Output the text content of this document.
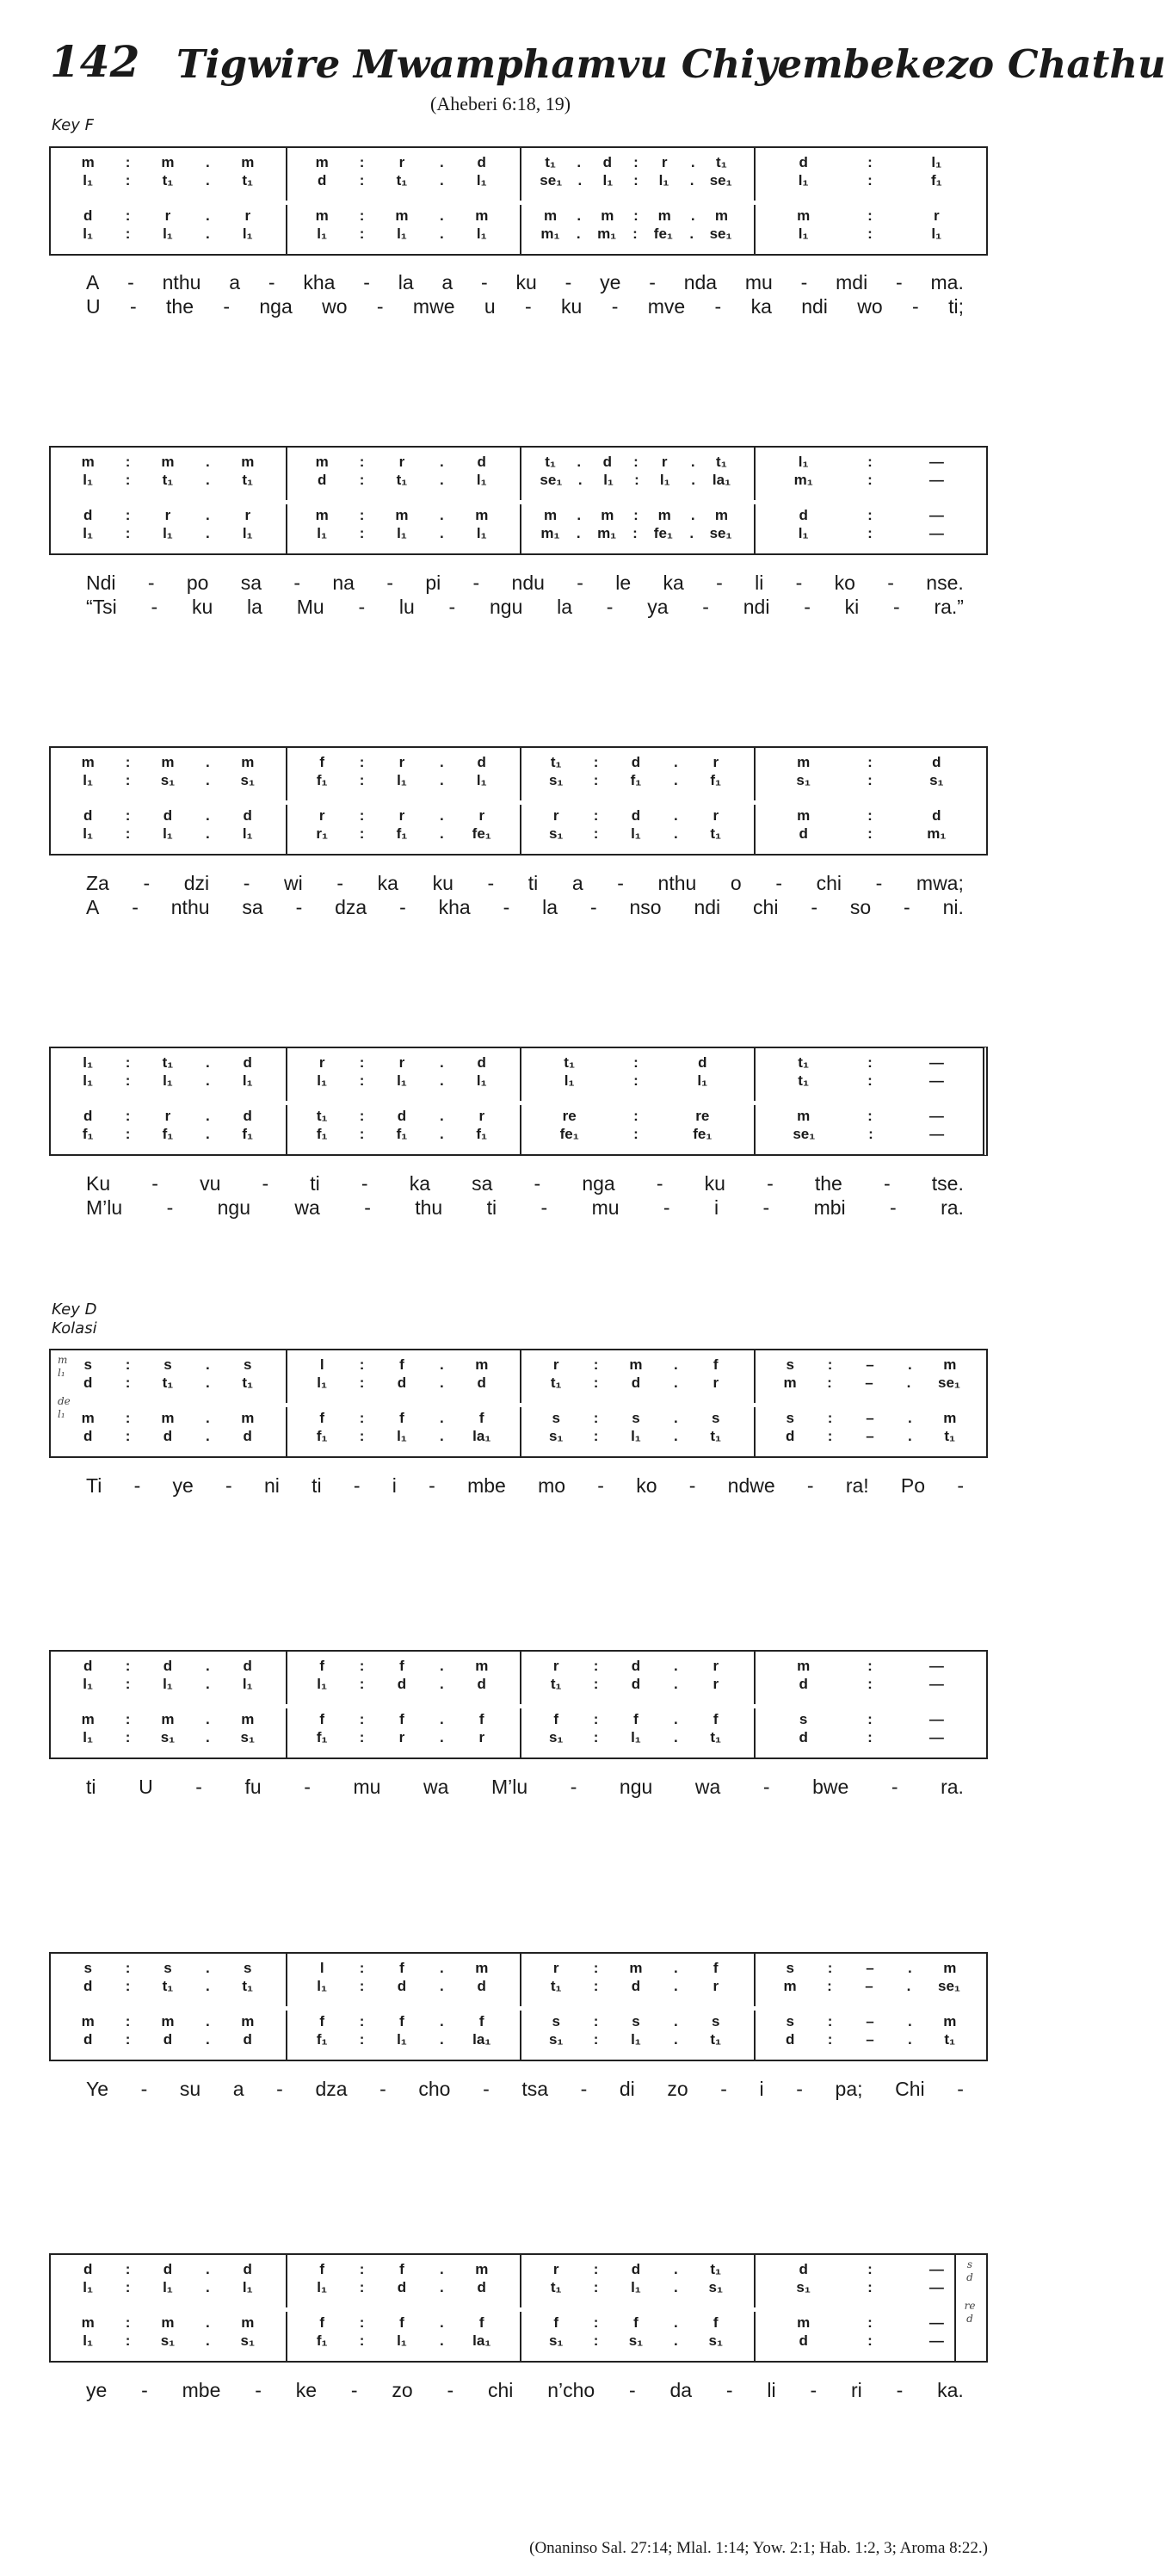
142 Tigwire Mwamphamvu Chiyembekezo Chathu
(Aheberi 6:18, 19)
Key F
Key D
Kolasi
m	:	m	.	m	m	:	r	.	d	t₁	.	d	:	r	.	t₁	d	:	l₁
l₁	:	t₁	.	t₁	d	:	t₁	.	l₁	se₁	.	l₁	:	l₁	.	se₁	l₁	:	f₁
d	:	r	.	r	m	:	m	.	m	m	.	m	:	m	.	m	m	:	r
l₁	:	l₁	.	l₁	l₁	:	l₁	.	l₁	m₁	.	m₁	:	fe₁	.	se₁	l₁	:	l₁
A - nthu a - kha - la a - ku - ye - nda mu - mdi - ma.
U - the - nga wo - mwe u - ku - mve - ka ndi wo - ti;
m	:	m	.	m	m	:	r	.	d	t₁	.	d	:	r	.	t₁	l₁	:	—
l₁	:	t₁	.	t₁	d	:	t₁	.	l₁	se₁	.	l₁	:	l₁	.	la₁	m₁	:	—
d	:	r	.	r	m	:	m	.	m	m	.	m	:	m	.	m	d	:	—
l₁	:	l₁	.	l₁	l₁	:	l₁	.	l₁	m₁	.	m₁	:	fe₁	.	se₁	l₁	:	—
Ndi - po sa - na - pi - ndu - le ka - li - ko - nse.
“Tsi - ku la Mu - lu - ngu la - ya - ndi - ki - ra.”
m	:	m	.	m	f	:	r	.	d	t₁	:	d	.	r	m	:	d
l₁	:	s₁	.	s₁	f₁	:	l₁	.	l₁	s₁	:	f₁	.	f₁	s₁	:	s₁
d	:	d	.	d	r	:	r	.	r	r	:	d	.	r	m	:	d
l₁	:	l₁	.	l₁	r₁	:	f₁	.	fe₁	s₁	:	l₁	.	t₁	d	:	m₁
Za - dzi - wi - ka ku - ti a - nthu o - chi - mwa;
A - nthu sa - dza - kha - la - nso ndi chi - so - ni.
l₁	:	t₁	.	d	r	:	r	.	d	t₁	:	d	t₁	:	—
l₁	:	l₁	.	l₁	l₁	:	l₁	.	l₁	l₁	:	l₁	t₁	:	—
d	:	r	.	d	t₁	:	d	.	r	re	:	re	m	:	—
f₁	:	f₁	.	f₁	f₁	:	f₁	.	f₁	fe₁	:	fe₁	se₁	:	—
Ku - vu - ti - ka sa - nga - ku - the - tse.
M’lu - ngu wa - thu ti - mu - i - mbi - ra.
s	:	s	.	s	l	:	f	.	m	r	:	m	.	f	s	:	–	.	m
d	:	t₁	.	t₁	l₁	:	d	.	d	t₁	:	d	.	r	m	:	–	.	se₁
m	:	m	.	m	f	:	f	.	f	s	:	s	.	s	s	:	–	.	m
d	:	d	.	d	f₁	:	l₁	.	la₁	s₁	:	l₁	.	t₁	d	:	–	.	t₁
m
l₁
de
l₁
Ti - ye - ni ti - i - mbe mo - ko - ndwe - ra! Po -
d	:	d	.	d	f	:	f	.	m	r	:	d	.	r	m	:	—
l₁	:	l₁	.	l₁	l₁	:	d	.	d	t₁	:	d	.	r	d	:	—
m	:	m	.	m	f	:	f	.	f	f	:	f	.	f	s	:	—
l₁	:	s₁	.	s₁	f₁	:	r	.	r	s₁	:	l₁	.	t₁	d	:	—
ti U - fu - mu wa M’lu - ngu wa - bwe - ra.
s	:	s	.	s	l	:	f	.	m	r	:	m	.	f	s	:	–	.	m
d	:	t₁	.	t₁	l₁	:	d	.	d	t₁	:	d	.	r	m	:	–	.	se₁
m	:	m	.	m	f	:	f	.	f	s	:	s	.	s	s	:	–	.	m
d	:	d	.	d	f₁	:	l₁	.	la₁	s₁	:	l₁	.	t₁	d	:	–	.	t₁
Ye - su a - dza - cho - tsa - di zo - i - pa; Chi -
d	:	d	.	d	f	:	f	.	m	r	:	d	.	t₁	d	:	—
l₁	:	l₁	.	l₁	l₁	:	d	.	d	t₁	:	l₁	.	s₁	s₁	:	—
m	:	m	.	m	f	:	f	.	f	f	:	f	.	f	m	:	—
l₁	:	s₁	.	s₁	f₁	:	l₁	.	la₁	s₁	:	s₁	.	s₁	d	:	—
s
d
re
d
ye - mbe - ke - zo - chi n’cho - da - li - ri - ka.
(Onaninso Sal. 27:14; Mlal. 1:14; Yow. 2:1; Hab. 1:2, 3; Aroma 8:22.)
